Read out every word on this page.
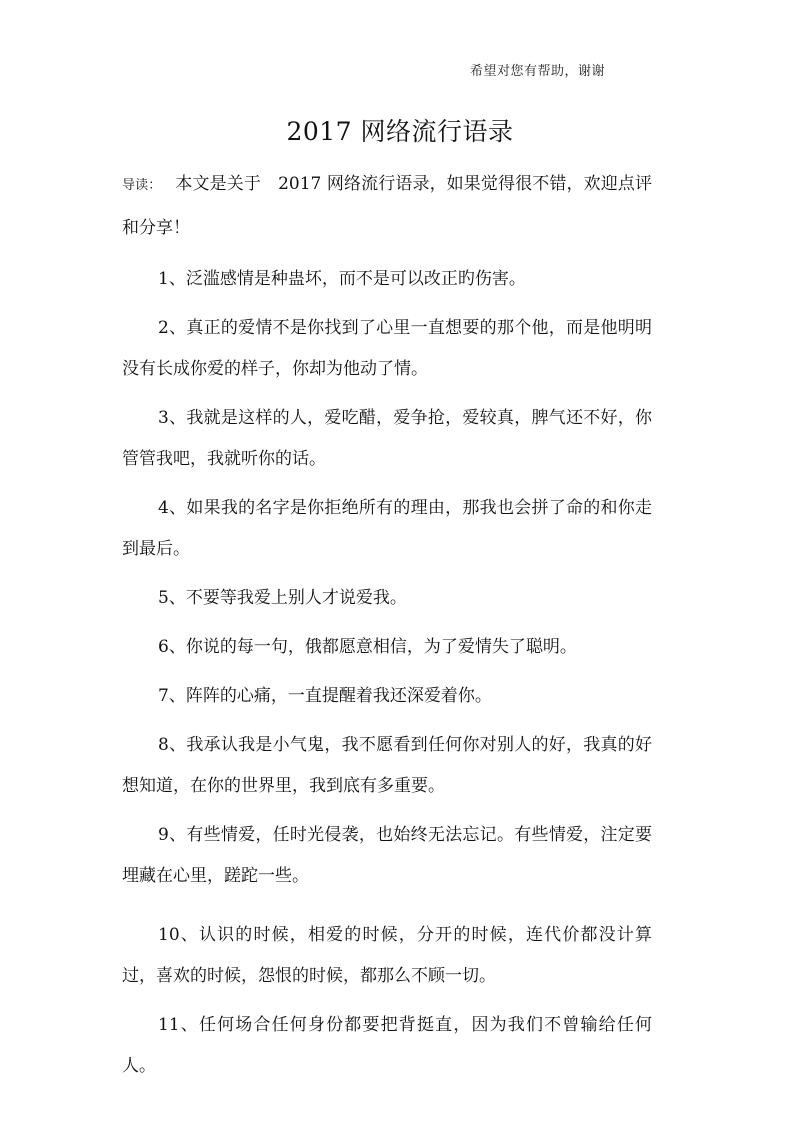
希望对您有帮助，谢谢
2017 网络流行语录

导读： 本文是关于　2017 网络流行语录，如果觉得很不错，欢迎点评和分享！

1、泛滥感情是种蛊坏，而不是可以改正旳伤害。

2、真正的爱情不是你找到了心里一直想要的那个他，而是他明明没有长成你爱的样子，你却为他动了情。

3、我就是这样的人，爱吃醋，爱争抢，爱较真，脾气还不好，你管管我吧，我就听你的话。

4、如果我的名字是你拒绝所有的理由，那我也会拼了命的和你走到最后。

5、不要等我爱上别人才说爱我。

6、你说的每一句，俄都愿意相信，为了爱情失了聪明。

7、阵阵的心痛，一直提醒着我还深爱着你。

8、我承认我是小气鬼，我不愿看到任何你对别人的好，我真的好想知道，在你的世界里，我到底有多重要。

9、有些情爱，任时光侵袭，也始终无法忘记。有些情爱，注定要埋藏在心里，蹉跎一些。

10、认识的时候，相爱的时候，分开的时候，连代价都没计算过，喜欢的时候，怨恨的时候，都那么不顾一切。

11、任何场合任何身份都要把背挺直，因为我们不曾输给任何人。
